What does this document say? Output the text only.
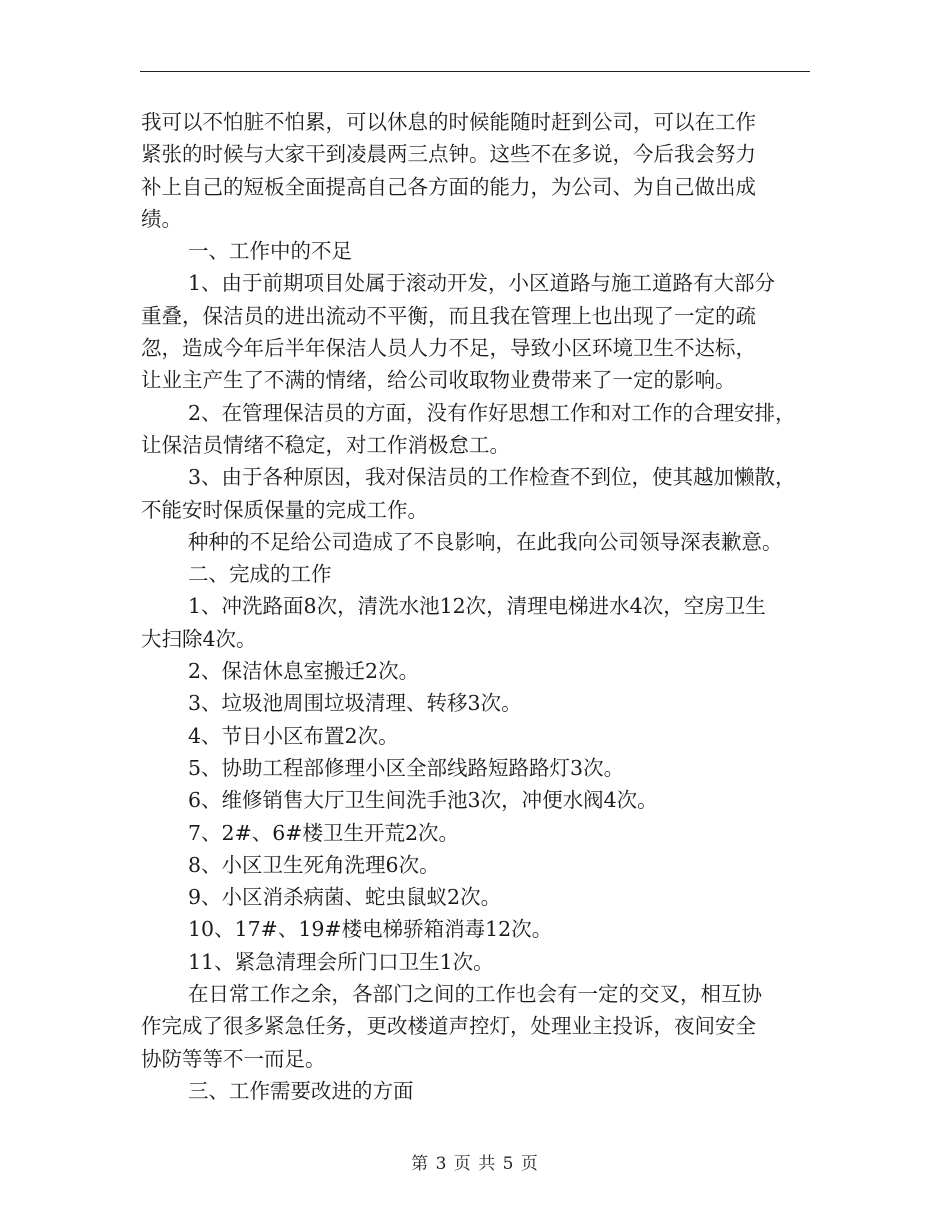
我可以不怕脏不怕累，可以休息的时候能随时赶到公司，可以在工作
紧张的时候与大家干到凌晨两三点钟。这些不在多说，今后我会努力
补上自己的短板全面提高自己各方面的能力，为公司、为自己做出成
绩。
一、工作中的不足
1、由于前期项目处属于滚动开发，小区道路与施工道路有大部分
重叠，保洁员的进出流动不平衡，而且我在管理上也出现了一定的疏
忽，造成今年后半年保洁人员人力不足，导致小区环境卫生不达标，
让业主产生了不满的情绪，给公司收取物业费带来了一定的影响。
2、在管理保洁员的方面，没有作好思想工作和对工作的合理安排，
让保洁员情绪不稳定，对工作消极怠工。
3、由于各种原因，我对保洁员的工作检查不到位，使其越加懒散，
不能安时保质保量的完成工作。
种种的不足给公司造成了不良影响，在此我向公司领导深表歉意。
二、完成的工作
1、冲洗路面8次，清洗水池12次，清理电梯进水4次，空房卫生
大扫除4次。
2、保洁休息室搬迁2次。
3、垃圾池周围垃圾清理、转移3次。
4、节日小区布置2次。
5、协助工程部修理小区全部线路短路路灯3次。
6、维修销售大厅卫生间洗手池3次，冲便水阀4次。
7、2#、6#楼卫生开荒2次。
8、小区卫生死角洗理6次。
9、小区消杀病菌、蛇虫鼠蚁2次。
10、17#、19#楼电梯骄箱消毒12次。
11、紧急清理会所门口卫生1次。
在日常工作之余，各部门之间的工作也会有一定的交叉，相互协
作完成了很多紧急任务，更改楼道声控灯，处理业主投诉，夜间安全
协防等等不一而足。
三、工作需要改进的方面
第 3 页 共 5 页
